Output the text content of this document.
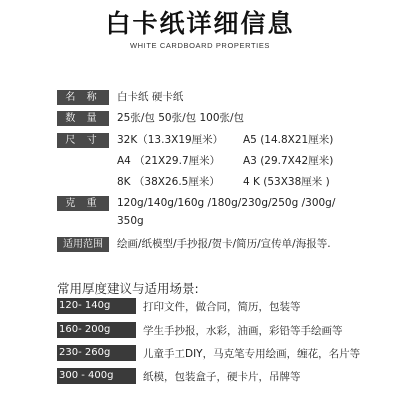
白卡纸详细信息
WHITE CARDBOARD PROPERTIES
名 称	白卡纸 硬卡纸
数 量	25张/包 50张/包 100张/包
尺 寸	32K（13.3X19厘米）	A5 (14.8X21厘米)
A4 （21X29.7厘米）	A3 (29.7X42厘米)
8K （38X26.5厘米）	4 K (53X38厘米 )
克 重	120g/140g/160g /180g/230g/250g /300g/
350g
适用范围	绘画/纸模型/手抄报/贺卡/简历/宣传单/海报等.
常用厚度建议与适用场景:
120- 140g	打印文件，做合同，简历，包装等
160- 200g	学生手抄报，水彩，油画，彩铅等手绘画等
230- 260g	儿童手工DIY，马克笔专用绘画，缠花，名片等
300 - 400g	纸模，包装盒子，硬卡片，吊牌等
